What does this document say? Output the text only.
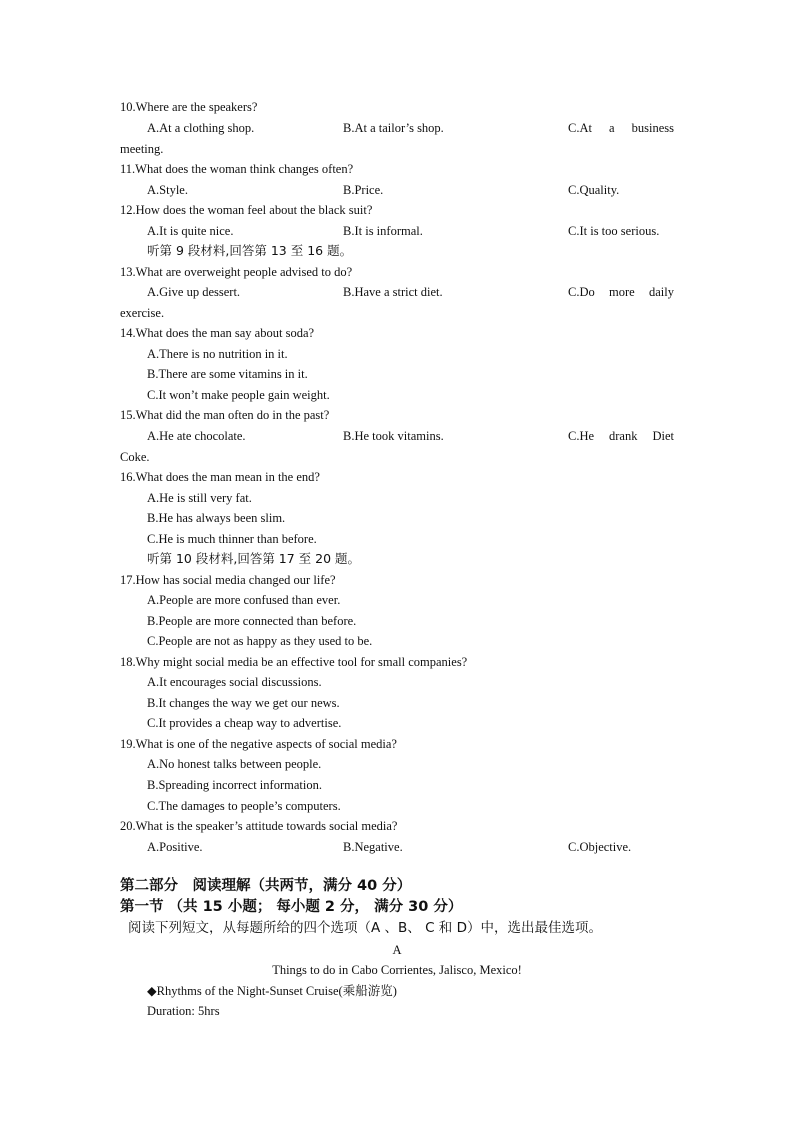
10.Where are the speakers?
A.At a clothing shop.	B.At a tailor’s shop.	C.At a business
meeting.
11.What does the woman think changes often?
A.Style.	B.Price.	C.Quality.
12.How does the woman feel about the black suit?
A.It is quite nice.	B.It is informal.	C.It is too serious.
听第 9 段材料,回答第 13 至 16 题。
13.What are overweight people advised to do?
A.Give up dessert.	B.Have a strict diet.	C.Do more daily
exercise.
14.What does the man say about soda?
A.There is no nutrition in it.
B.There are some vitamins in it.
C.It won’t make people gain weight.
15.What did the man often do in the past?
A.He ate chocolate.	B.He took vitamins.	C.He drank Diet
Coke.
16.What does the man mean in the end?
A.He is still very fat.
B.He has always been slim.
C.He is much thinner than before.
听第 10 段材料,回答第 17 至 20 题。
17.How has social media changed our life?
A.People are more confused than ever.
B.People are more connected than before.
C.People are not as happy as they used to be.
18.Why might social media be an effective tool for small companies?
A.It encourages social discussions.
B.It changes the way we get our news.
C.It provides a cheap way to advertise.
19.What is one of the negative aspects of social media?
A.No honest talks between people.
B.Spreading incorrect information.
C.The damages to people’s computers.
20.What is the speaker’s attitude towards social media?
A.Positive.	B.Negative.	C.Objective.
第二部分　阅读理解（共两节，满分 40 分）
第一节 （共 15 小题； 每小题 2 分， 满分 30 分）
阅读下列短文，从每题所给的四个选项（A 、B、 C 和 D）中，选出最佳选项。
A
Things to do in Cabo Corrientes, Jalisco, Mexico!
◆Rhythms of the Night-Sunset Cruise(乘船游览)
Duration: 5hrs
